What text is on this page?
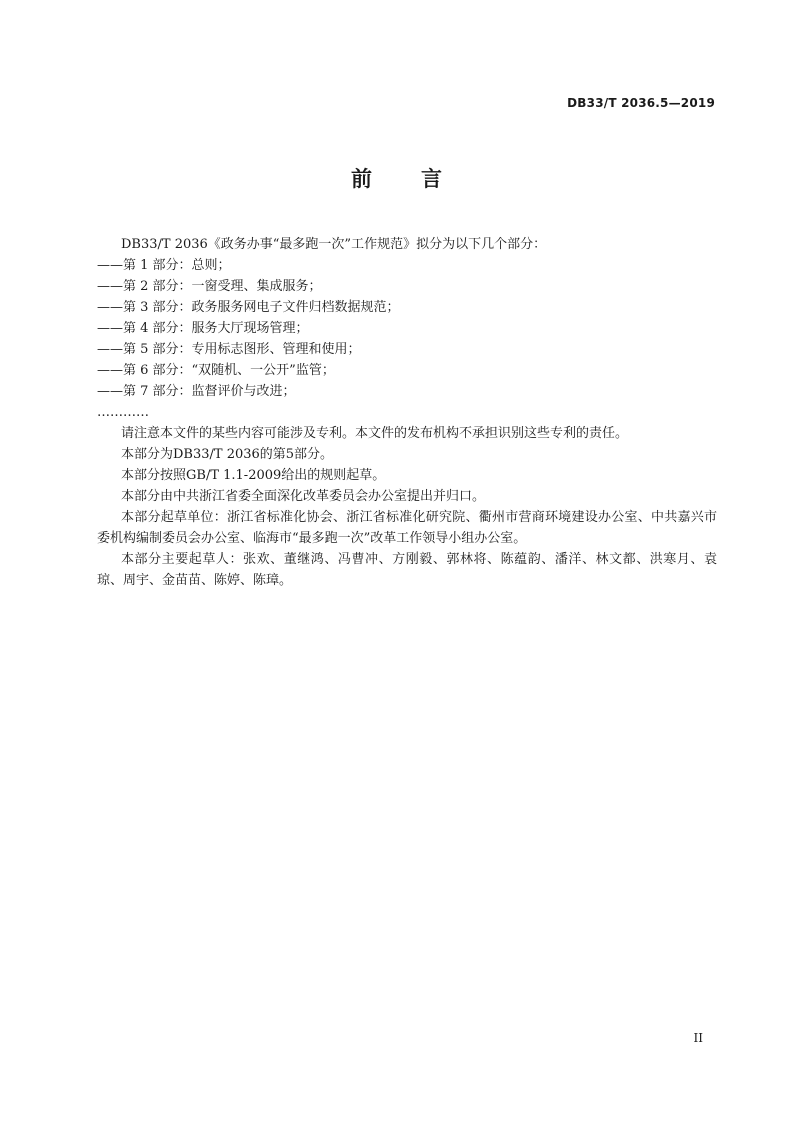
DB33/T 2036.5—2019
前　言

DB33/T 2036《政务办事“最多跑一次”工作规范》拟分为以下几个部分：

——第 1 部分：总则；

——第 2 部分：一窗受理、集成服务；

——第 3 部分：政务服务网电子文件归档数据规范；

——第 4 部分：服务大厅现场管理；

——第 5 部分：专用标志图形、管理和使用；

——第 6 部分：“双随机、一公开”监管；

——第 7 部分：监督评价与改进；

…………

请注意本文件的某些内容可能涉及专利。本文件的发布机构不承担识别这些专利的责任。

本部分为DB33/T 2036的第5部分。

本部分按照GB/T 1.1-2009给出的规则起草。

本部分由中共浙江省委全面深化改革委员会办公室提出并归口。

本部分起草单位：浙江省标准化协会、浙江省标准化研究院、衢州市营商环境建设办公室、中共嘉兴市委机构编制委员会办公室、临海市“最多跑一次”改革工作领导小组办公室。

本部分主要起草人：张欢、董继鸿、冯曹冲、方刚毅、郭林将、陈蕴韵、潘洋、林文都、洪寒月、袁琼、周宇、金苗苗、陈婷、陈璋。

II
